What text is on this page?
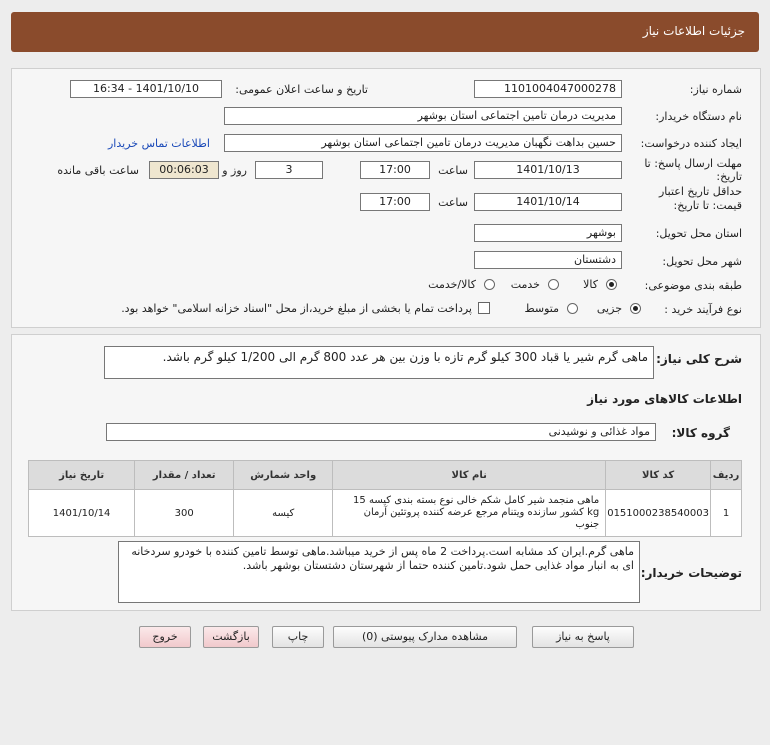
جزئیات اطلاعات نیاز
شماره نیاز:
1101004047000278
تاریخ و ساعت اعلان عمومی:
1401/10/10 - 16:34
نام دستگاه خریدار:
مدیریت درمان تامین اجتماعی استان بوشهر
ایجاد کننده درخواست:
حسین بداهت نگهبان مدیریت درمان تامین اجتماعی استان بوشهر
اطلاعات تماس خریدار
مهلت ارسال پاسخ: تا
تاریخ:
1401/10/13
ساعت
17:00
3
روز و
00:06:03
ساعت باقی مانده
حداقل تاریخ اعتبار
قیمت: تا تاریخ:
1401/10/14
ساعت
17:00
استان محل تحویل:
بوشهر
شهر محل تحویل:
دشتستان
طبقه بندی موضوعی:
کالا
خدمت
کالا/خدمت
نوع فرآیند خرید :
جزیی
متوسط
پرداخت تمام یا بخشی از مبلغ خرید،از محل "اسناد خزانه اسلامی" خواهد بود.
شرح کلی نیاز:
ماهی گرم شیر یا قباد 300 کیلو گرم تازه با وزن بین هر عدد 800 گرم الی 1/200 کیلو گرم باشد.
اطلاعات کالاهای مورد نیاز
گروه کالا:
مواد غذائی و نوشیدنی
ردیف	کد کالا	نام کالا	واحد شمارش	تعداد / مقدار	تاریخ نیاز
1	0151000238540003	ماهی منجمد شیر کامل شکم خالی نوع بسته بندی کیسه 15 kg کشور سازنده ویتنام مرجع عرضه کننده پروتئین آرمان جنوب	کیسه	300	1401/10/14
توضیحات خریدار:
ماهی گرم.ایران کد مشابه است.پرداخت 2 ماه پس از خرید میباشد.ماهی توسط تامین کننده با خودرو سردخانه ای به انبار مواد غذایی حمل شود.تامین کننده حتما از شهرستان دشتستان بوشهر باشد.
پاسخ به نیاز
مشاهده مدارک پیوستی (0)
چاپ
بازگشت
خروج
